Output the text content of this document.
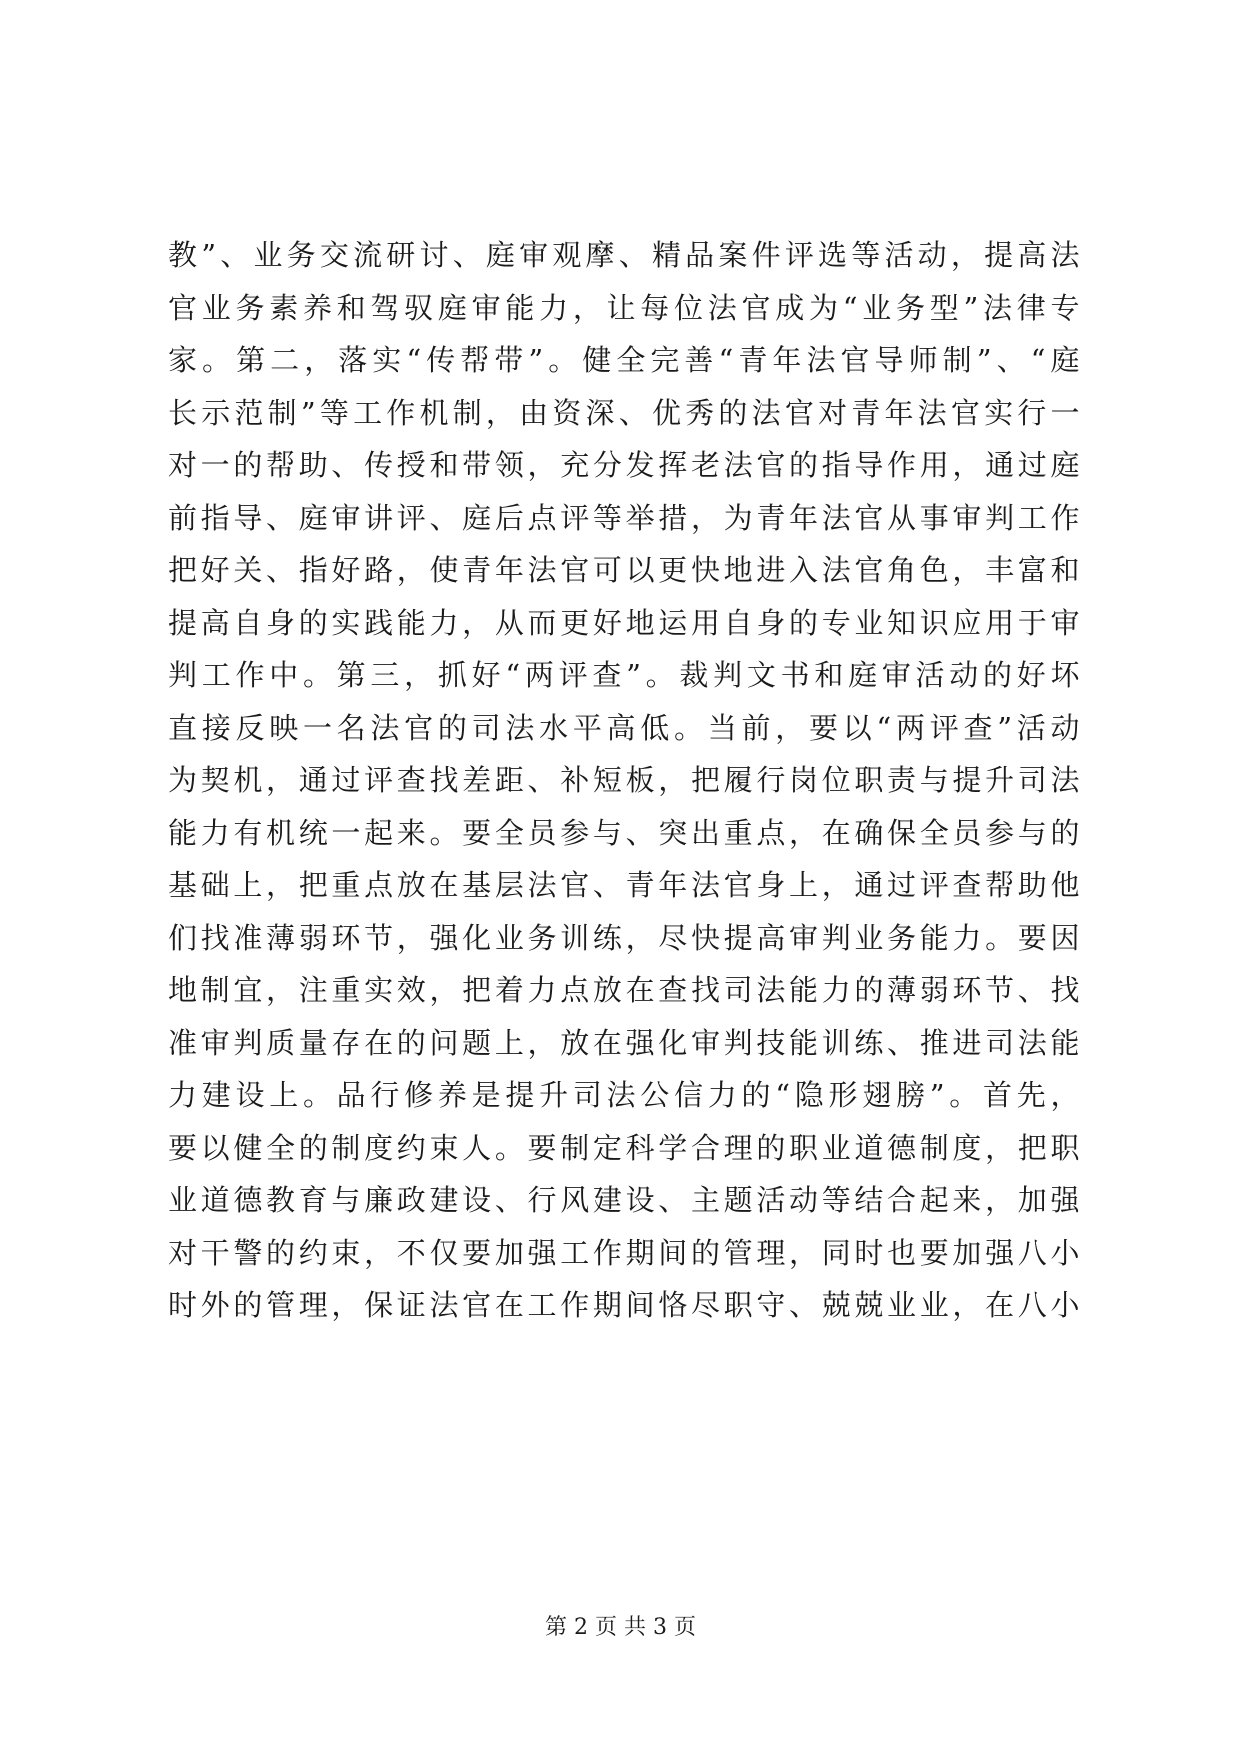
教”、业务交流研讨、庭审观摩、精品案件评选等活动，提高法
官业务素养和驾驭庭审能力，让每位法官成为“业务型”法律专
家。第二，落实“传帮带”。健全完善“青年法官导师制”、“庭
长示范制”等工作机制，由资深、优秀的法官对青年法官实行一
对一的帮助、传授和带领，充分发挥老法官的指导作用，通过庭
前指导、庭审讲评、庭后点评等举措，为青年法官从事审判工作
把好关、指好路，使青年法官可以更快地进入法官角色，丰富和
提高自身的实践能力，从而更好地运用自身的专业知识应用于审
判工作中。第三，抓好“两评查”。裁判文书和庭审活动的好坏
直接反映一名法官的司法水平高低。当前，要以“两评查”活动
为契机，通过评查找差距、补短板，把履行岗位职责与提升司法
能力有机统一起来。要全员参与、突出重点，在确保全员参与的
基础上，把重点放在基层法官、青年法官身上，通过评查帮助他
们找准薄弱环节，强化业务训练，尽快提高审判业务能力。要因
地制宜，注重实效，把着力点放在查找司法能力的薄弱环节、找
准审判质量存在的问题上，放在强化审判技能训练、推进司法能
力建设上。品行修养是提升司法公信力的“隐形翅膀”。首先，
要以健全的制度约束人。要制定科学合理的职业道德制度，把职
业道德教育与廉政建设、行风建设、主题活动等结合起来，加强
对干警的约束，不仅要加强工作期间的管理，同时也要加强八小
时外的管理，保证法官在工作期间恪尽职守、兢兢业业，在八小
第 2 页 共 3 页
